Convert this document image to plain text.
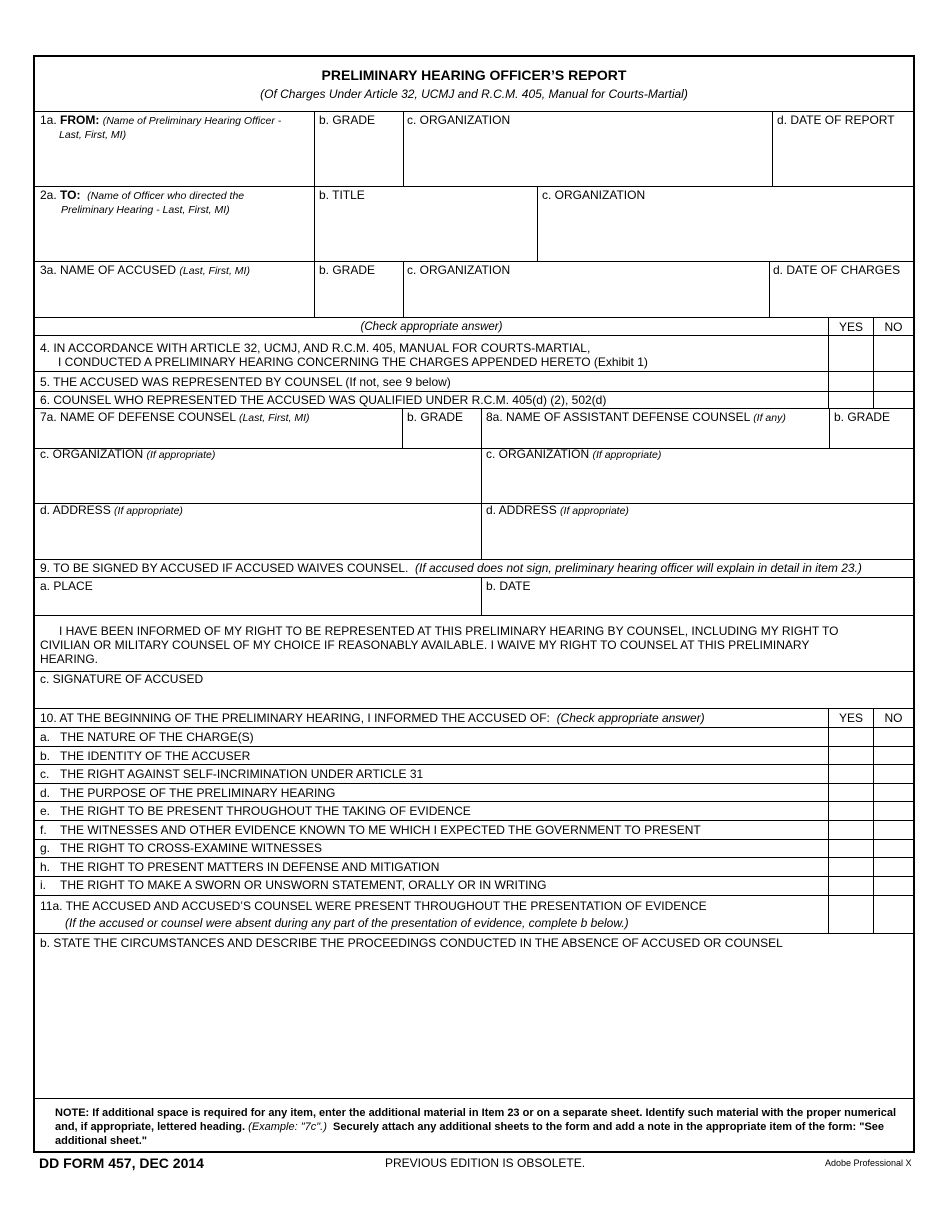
PRELIMINARY HEARING OFFICER’S REPORT
(Of Charges Under Article 32, UCMJ and R.C.M. 405, Manual for Courts-Martial)
1a. FROM: (Name of Preliminary Hearing Officer -
Last, First, MI)
b. GRADE	c. ORGANIZATION	d. DATE OF REPORT
2a. TO: (Name of Officer who directed the
Preliminary Hearing - Last, First, MI)
b. TITLE	c. ORGANIZATION
3a. NAME OF ACCUSED (Last, First, MI)	b. GRADE	c. ORGANIZATION	d. DATE OF CHARGES
(Check appropriate answer)	YES	NO
4. IN ACCORDANCE WITH ARTICLE 32, UCMJ, AND R.C.M. 405, MANUAL FOR COURTS-MARTIAL,
I CONDUCTED A PRELIMINARY HEARING CONCERNING THE CHARGES APPENDED HERETO (Exhibit 1)
5. THE ACCUSED WAS REPRESENTED BY COUNSEL (If not, see 9 below)
6. COUNSEL WHO REPRESENTED THE ACCUSED WAS QUALIFIED UNDER R.C.M. 405(d) (2), 502(d)
7a. NAME OF DEFENSE COUNSEL (Last, First, MI)	b. GRADE 8a. NAME OF ASSISTANT DEFENSE COUNSEL (If any)	b. GRADE
c. ORGANIZATION (If appropriate)	c. ORGANIZATION (If appropriate)
d. ADDRESS (If appropriate)	d. ADDRESS (If appropriate)
9. TO BE SIGNED BY ACCUSED IF ACCUSED WAIVES COUNSEL. (If accused does not sign, preliminary hearing officer will explain in detail in item 23.)
a. PLACE	b. DATE
I HAVE BEEN INFORMED OF MY RIGHT TO BE REPRESENTED AT THIS PRELIMINARY HEARING BY COUNSEL, INCLUDING MY RIGHT TO
CIVILIAN OR MILITARY COUNSEL OF MY CHOICE IF REASONABLY AVAILABLE. I WAIVE MY RIGHT TO COUNSEL AT THIS PRELIMINARY
HEARING.
c. SIGNATURE OF ACCUSED
10. AT THE BEGINNING OF THE PRELIMINARY HEARING, I INFORMED THE ACCUSED OF: (Check appropriate answer)	YES	NO
a. THE NATURE OF THE CHARGE(S)
b. THE IDENTITY OF THE ACCUSER
c. THE RIGHT AGAINST SELF-INCRIMINATION UNDER ARTICLE 31
d. THE PURPOSE OF THE PRELIMINARY HEARING
e. THE RIGHT TO BE PRESENT THROUGHOUT THE TAKING OF EVIDENCE
f. THE WITNESSES AND OTHER EVIDENCE KNOWN TO ME WHICH I EXPECTED THE GOVERNMENT TO PRESENT
g. THE RIGHT TO CROSS-EXAMINE WITNESSES
h. THE RIGHT TO PRESENT MATTERS IN DEFENSE AND MITIGATION
i. THE RIGHT TO MAKE A SWORN OR UNSWORN STATEMENT, ORALLY OR IN WRITING
11a. THE ACCUSED AND ACCUSED’S COUNSEL WERE PRESENT THROUGHOUT THE PRESENTATION OF EVIDENCE
(If the accused or counsel were absent during any part of the presentation of evidence, complete b below.)
b. STATE THE CIRCUMSTANCES AND DESCRIBE THE PROCEEDINGS CONDUCTED IN THE ABSENCE OF ACCUSED OR COUNSEL
NOTE: If additional space is required for any item, enter the additional material in Item 23 or on a separate sheet. Identify such material with the proper numerical and, if appropriate, lettered heading. (Example: "7c".) Securely attach any additional sheets to the form and add a note in the appropriate item of the form: "See additional sheet."
DD FORM 457, DEC 2014	PREVIOUS EDITION IS OBSOLETE.	Adobe Professional X
